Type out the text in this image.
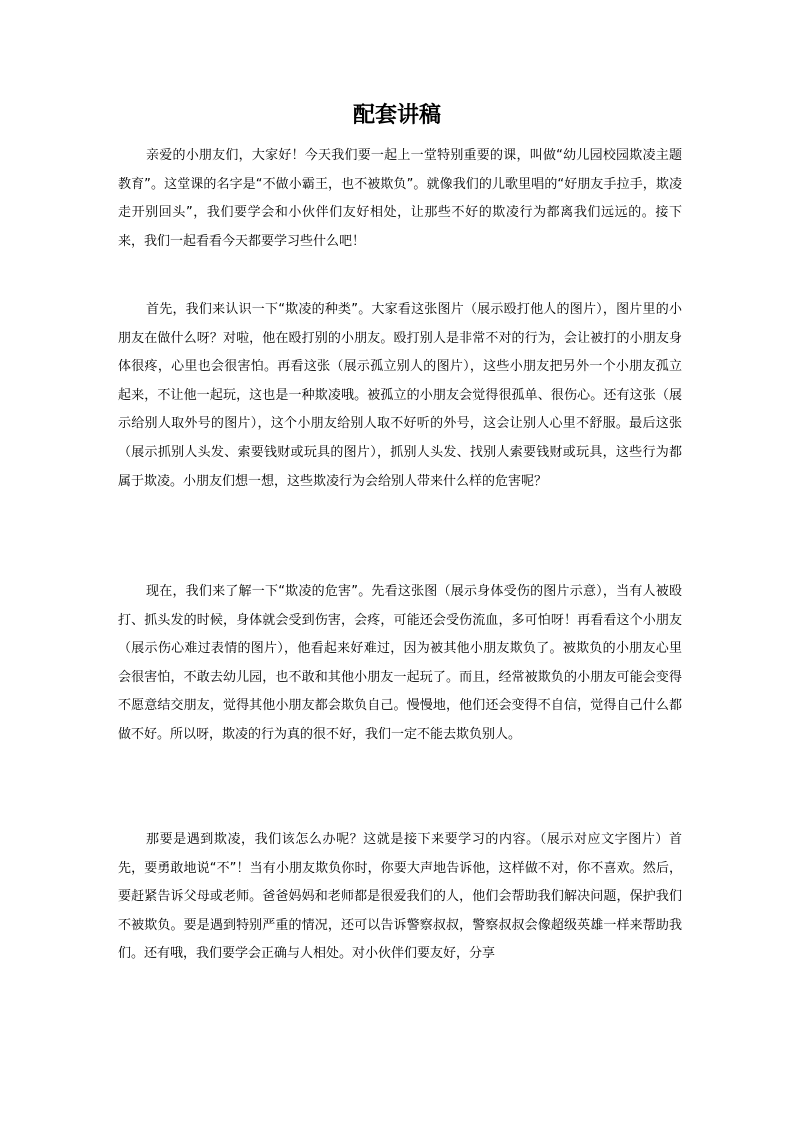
配套讲稿

亲爱的小朋友们，大家好！今天我们要一起上一堂特别重要的课，叫做“幼儿园校园欺凌主题教育”。这堂课的名字是“不做小霸王，也不被欺负”。就像我们的儿歌里唱的“好朋友手拉手，欺凌走开别回头”，我们要学会和小伙伴们友好相处，让那些不好的欺凌行为都离我们远远的。接下来，我们一起看看今天都要学习些什么吧！

首先，我们来认识一下“欺凌的种类”。大家看这张图片（展示殴打他人的图片），图片里的小朋友在做什么呀？对啦，他在殴打别的小朋友。殴打别人是非常不对的行为，会让被打的小朋友身体很疼，心里也会很害怕。再看这张（展示孤立别人的图片），这些小朋友把另外一个小朋友孤立起来，不让他一起玩，这也是一种欺凌哦。被孤立的小朋友会觉得很孤单、很伤心。还有这张（展示给别人取外号的图片），这个小朋友给别人取不好听的外号，这会让别人心里不舒服。最后这张（展示抓别人头发、索要钱财或玩具的图片），抓别人头发、找别人索要钱财或玩具，这些行为都属于欺凌。小朋友们想一想，这些欺凌行为会给别人带来什么样的危害呢？

现在，我们来了解一下“欺凌的危害”。先看这张图（展示身体受伤的图片示意），当有人被殴打、抓头发的时候，身体就会受到伤害，会疼，可能还会受伤流血，多可怕呀！再看看这个小朋友（展示伤心难过表情的图片），他看起来好难过，因为被其他小朋友欺负了。被欺负的小朋友心里会很害怕，不敢去幼儿园，也不敢和其他小朋友一起玩了。而且，经常被欺负的小朋友可能会变得不愿意结交朋友，觉得其他小朋友都会欺负自己。慢慢地，他们还会变得不自信，觉得自己什么都做不好。所以呀，欺凌的行为真的很不好，我们一定不能去欺负别人。

那要是遇到欺凌，我们该怎么办呢？这就是接下来要学习的内容。（展示对应文字图片）首先，要勇敢地说“不”！当有小朋友欺负你时，你要大声地告诉他，这样做不对，你不喜欢。然后，要赶紧告诉父母或老师。爸爸妈妈和老师都是很爱我们的人，他们会帮助我们解决问题，保护我们不被欺负。要是遇到特别严重的情况，还可以告诉警察叔叔，警察叔叔会像超级英雄一样来帮助我们。还有哦，我们要学会正确与人相处。对小伙伴们要友好，分享
